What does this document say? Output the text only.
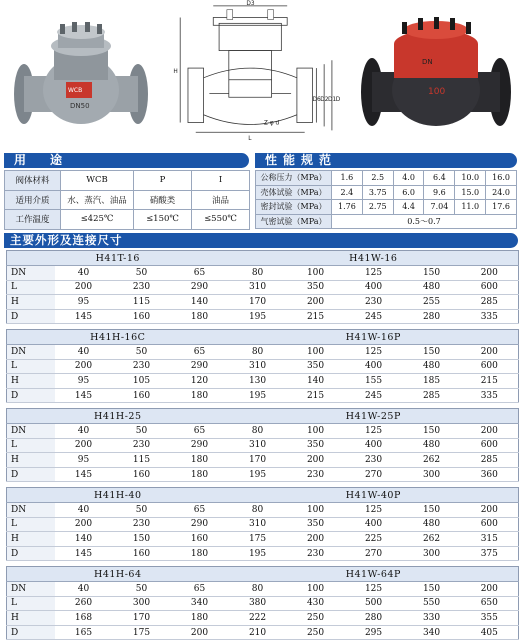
WCB
DN50
D3
H
L
D6 D2 D1 D
Z-φ d
DN
100
用　途
阀体材料	WCB	P	I
适用介质	水、蒸汽、油品	硝酸类	油品
工作温度	≤425℃	≤150℃	≤550℃
性能规范
公称压力（MPa）	1.6	2.5	4.0	6.4	10.0	16.0
壳体试验（MPa）	2.4	3.75	6.0	9.6	15.0	24.0
密封试验（MPa）	1.76	2.75	4.4	7.04	11.0	17.6
气密试验（MPa）	0.5～0.7					
主要外形及连接尺寸
H41T-16				H41W-16				
DN	40	50	65	80	100	125	150	200
L	200	230	290	310	350	400	480	600
H	95	115	140	170	200	230	255	285
D	145	160	180	195	215	245	280	335
H41H-16C				H41W-16P				
DN	40	50	65	80	100	125	150	200
L	200	230	290	310	350	400	480	600
H	95	105	120	130	140	155	185	215
D	145	160	180	195	215	245	285	335
H41H-25				H41W-25P				
DN	40	50	65	80	100	125	150	200
L	200	230	290	310	350	400	480	600
H	95	115	180	170	200	230	262	285
D	145	160	180	195	230	270	300	360
H41H-40				H41W-40P				
DN	40	50	65	80	100	125	150	200
L	200	230	290	310	350	400	480	600
H	140	150	160	175	200	225	262	315
D	145	160	180	195	230	270	300	375
H41H-64				H41W-64P				
DN	40	50	65	80	100	125	150	200
L	260	300	340	380	430	500	550	650
H	168	170	180	222	250	280	330	355
D	165	175	200	210	250	295	340	405
